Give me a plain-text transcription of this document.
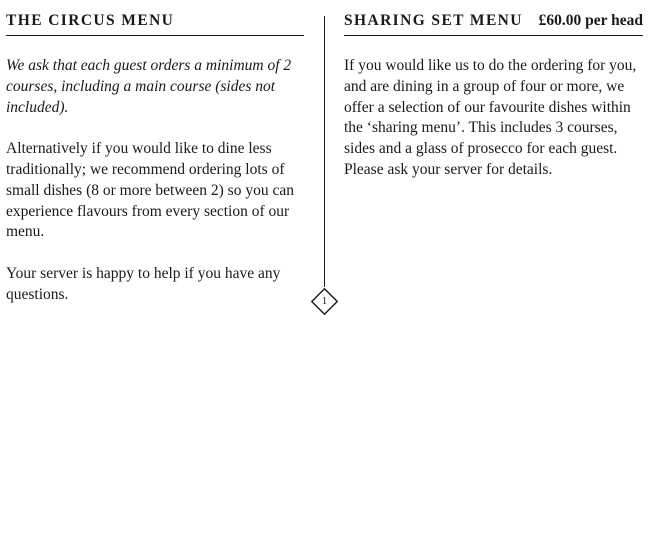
THE CIRCUS MENU

We ask that each guest orders a minimum of 2 courses, including a main course (sides not included).

Alternatively if you would like to dine less traditionally; we recommend ordering lots of small dishes (8 or more between 2) so you can experience flavours from every section of our menu.

Your server is happy to help if you have any questions.	1
SHARING SET MENU £60.00 per head

If you would like us to do the ordering for you, and are dining in a group of four or more, we offer a selection of our favourite dishes within the ‘sharing menu’. This includes 3 courses, sides and a glass of prosecco for each guest. Please ask your server for details.
